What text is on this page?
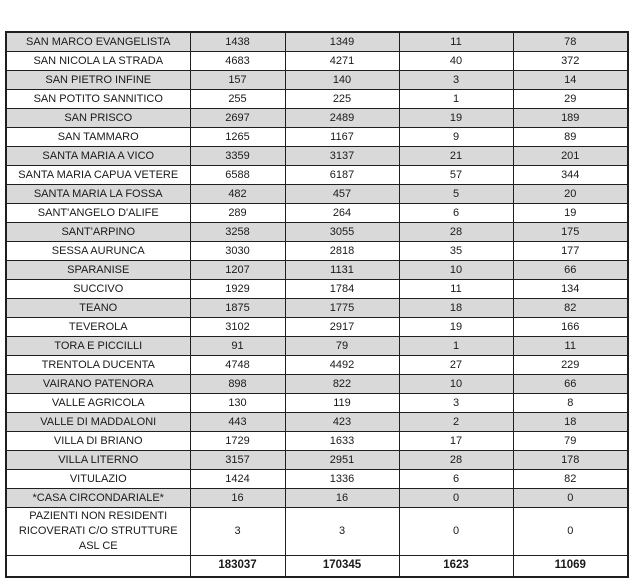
SAN MARCO EVANGELISTA	1438	1349	11	78
SAN NICOLA LA STRADA	4683	4271	40	372
SAN PIETRO INFINE	157	140	3	14
SAN POTITO SANNITICO	255	225	1	29
SAN PRISCO	2697	2489	19	189
SAN TAMMARO	1265	1167	9	89
SANTA MARIA A VICO	3359	3137	21	201
SANTA MARIA CAPUA VETERE	6588	6187	57	344
SANTA MARIA LA FOSSA	482	457	5	20
SANT'ANGELO D'ALIFE	289	264	6	19
SANT'ARPINO	3258	3055	28	175
SESSA AURUNCA	3030	2818	35	177
SPARANISE	1207	1131	10	66
SUCCIVO	1929	1784	11	134
TEANO	1875	1775	18	82
TEVEROLA	3102	2917	19	166
TORA E PICCILLI	91	79	1	11
TRENTOLA DUCENTA	4748	4492	27	229
VAIRANO PATENORA	898	822	10	66
VALLE AGRICOLA	130	119	3	8
VALLE DI MADDALONI	443	423	2	18
VILLA DI BRIANO	1729	1633	17	79
VILLA LITERNO	3157	2951	28	178
VITULAZIO	1424	1336	6	82
*CASA CIRCONDARIALE*	16	16	0	0
PAZIENTI NON RESIDENTI RICOVERATI C/O STRUTTURE ASL CE	3	3	0	0
	183037	170345	1623	11069
